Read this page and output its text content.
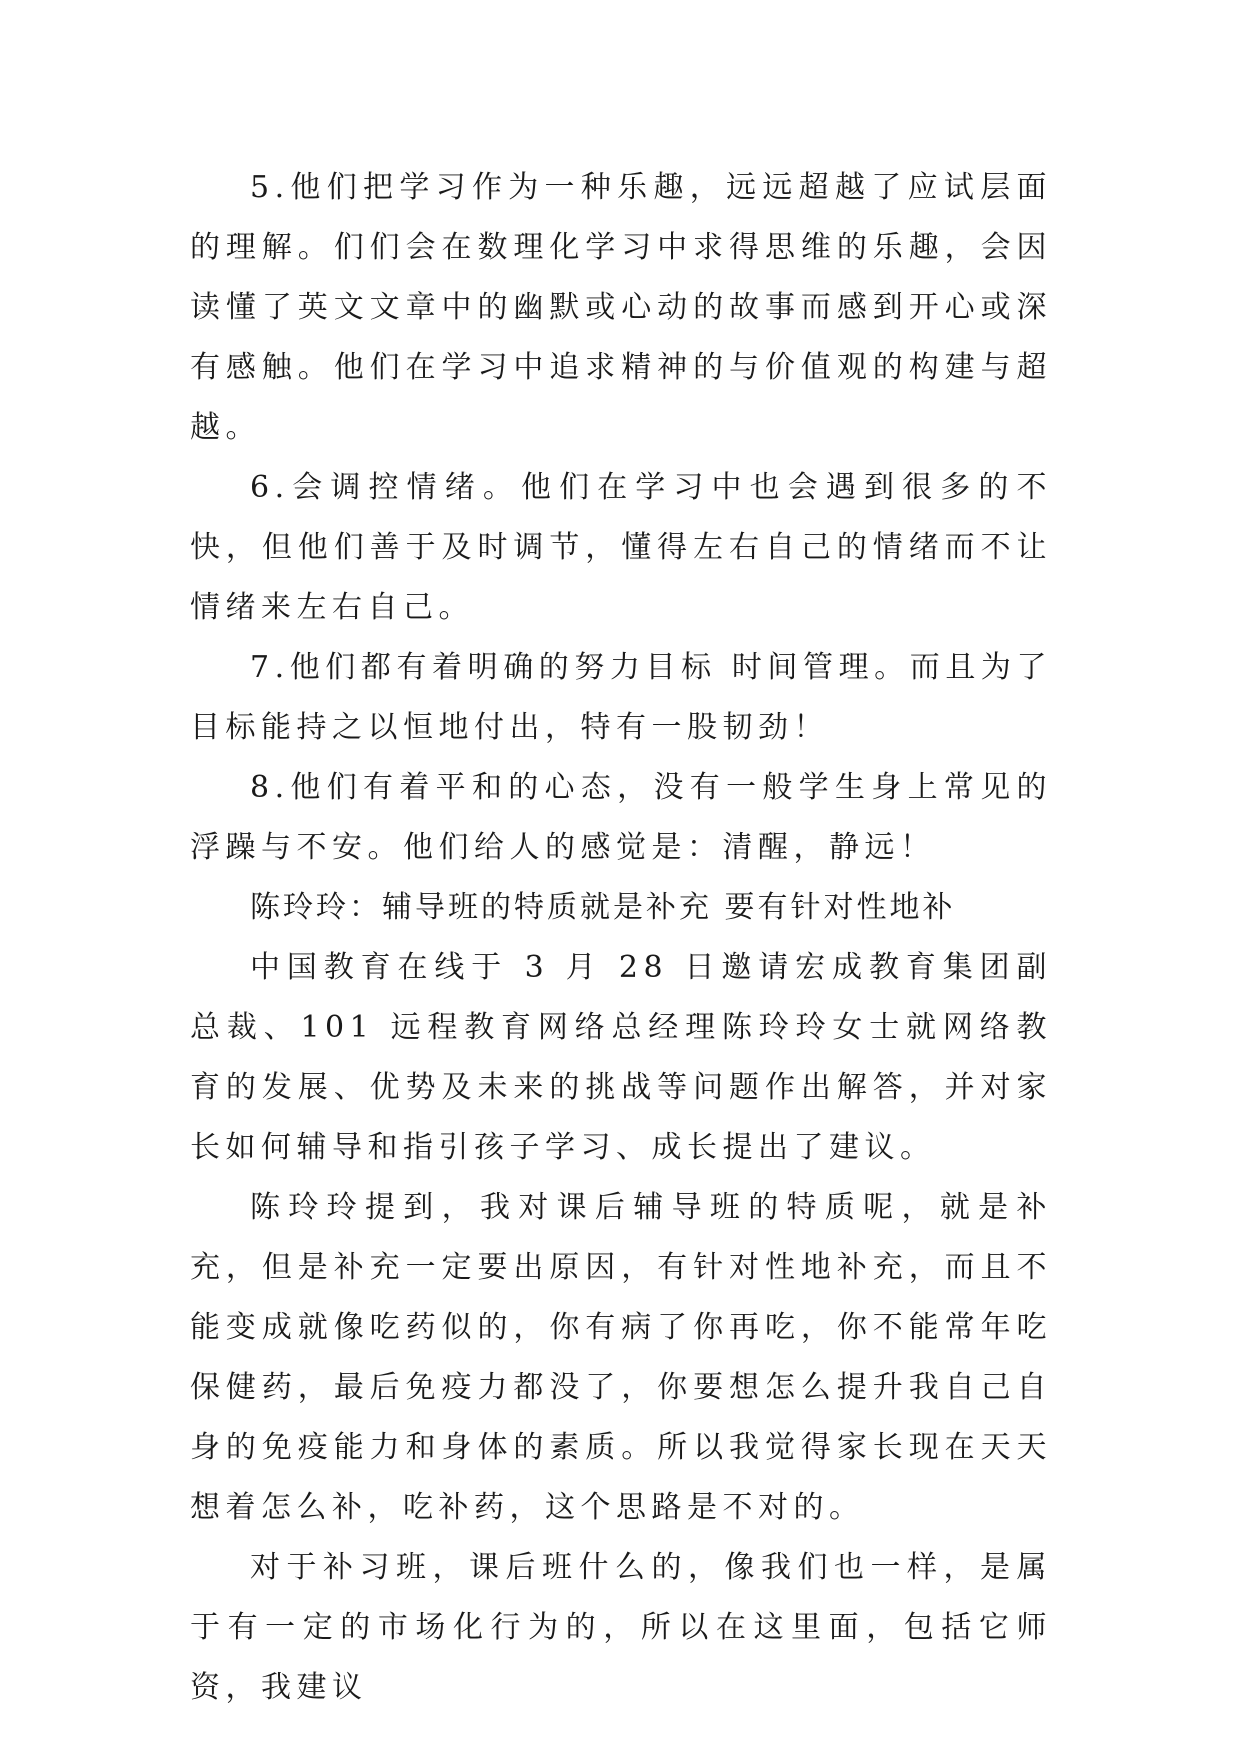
5.他们把学习作为一种乐趣，远远超越了应试层面的理解。们们会在数理化学习中求得思维的乐趣，会因读懂了英文文章中的幽默或心动的故事而感到开心或深有感触。他们在学习中追求精神的与价值观的构建与超越。

6.会调控情绪。他们在学习中也会遇到很多的不快，但他们善于及时调节，懂得左右自己的情绪而不让情绪来左右自己。

7.他们都有着明确的努力目标 时间管理。而且为了目标能持之以恒地付出，特有一股韧劲！

8.他们有着平和的心态，没有一般学生身上常见的浮躁与不安。他们给人的感觉是：清醒，静远！

陈玲玲：辅导班的特质就是补充 要有针对性地补

中国教育在线于 3 月 28 日邀请宏成教育集团副总裁、101 远程教育网络总经理陈玲玲女士就网络教育的发展、优势及未来的挑战等问题作出解答，并对家长如何辅导和指引孩子学习、成长提出了建议。

陈玲玲提到，我对课后辅导班的特质呢，就是补充，但是补充一定要出原因，有针对性地补充，而且不能变成就像吃药似的，你有病了你再吃，你不能常年吃保健药，最后免疫力都没了，你要想怎么提升我自己自身的免疫能力和身体的素质。所以我觉得家长现在天天想着怎么补，吃补药，这个思路是不对的。

对于补习班，课后班什么的，像我们也一样，是属于有一定的市场化行为的，所以在这里面，包括它师资，我建议
